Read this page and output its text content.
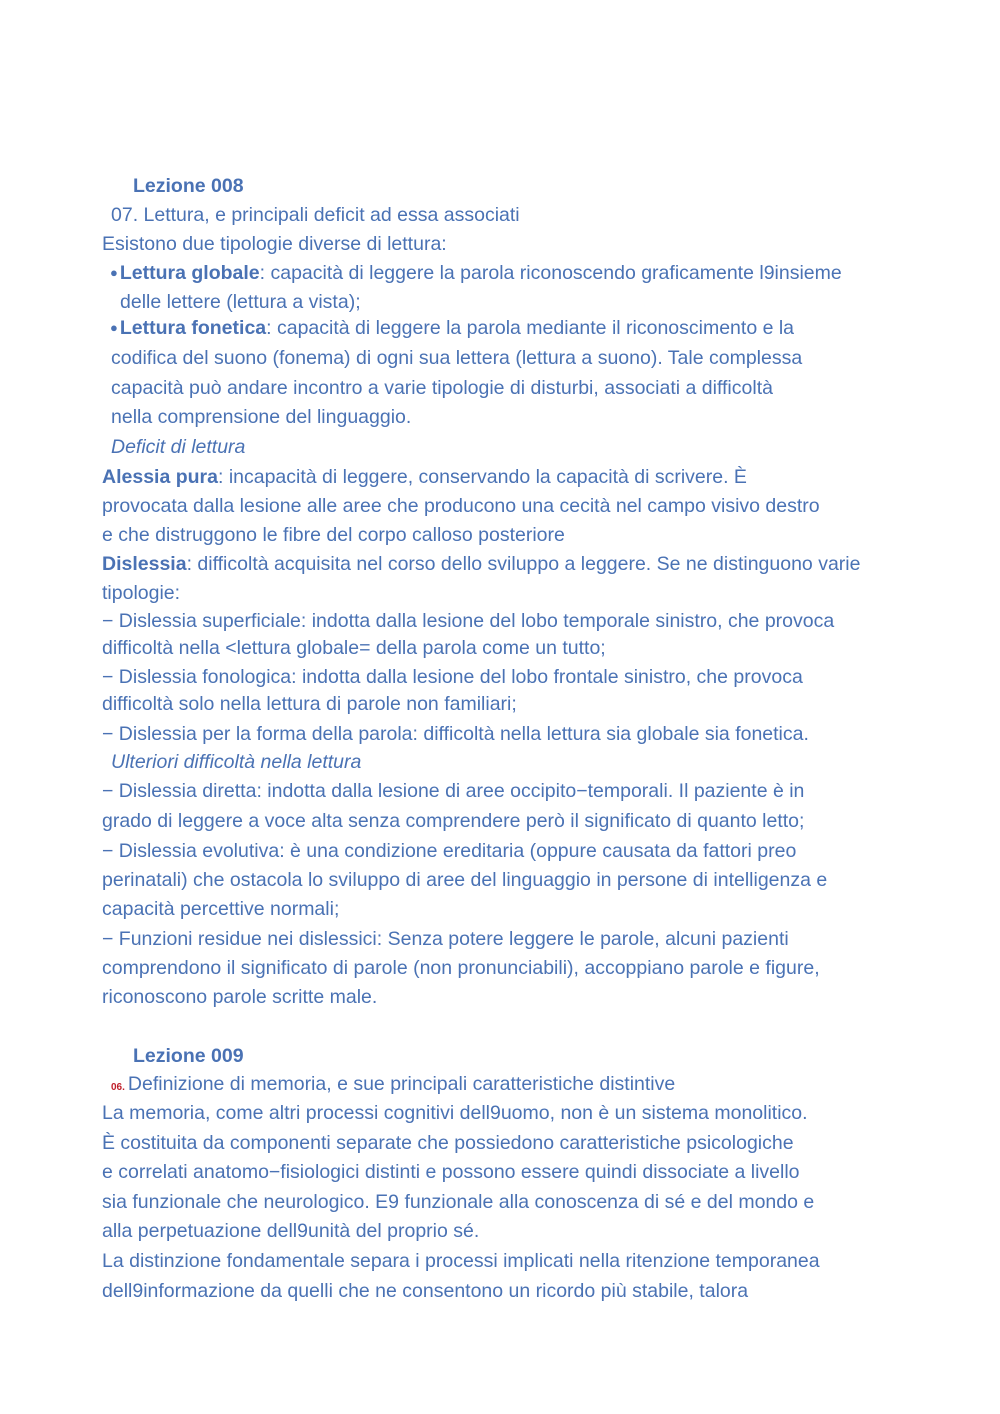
Lezione 008
07. Lettura, e principali deficit ad essa associati
Esistono due tipologie diverse di lettura:
● Lettura globale: capacità di leggere la parola riconoscendo graficamente l9insieme
delle lettere (lettura a vista);
● Lettura fonetica: capacità di leggere la parola mediante il riconoscimento e la
codifica del suono (fonema) di ogni sua lettera (lettura a suono). Tale complessa
capacità può andare incontro a varie tipologie di disturbi, associati a difficoltà
nella comprensione del linguaggio.
Deficit di lettura
Alessia pura: incapacità di leggere, conservando la capacità di scrivere. È
provocata dalla lesione alle aree che producono una cecità nel campo visivo destro
e che distruggono le fibre del corpo calloso posteriore
Dislessia: difficoltà acquisita nel corso dello sviluppo a leggere. Se ne distinguono varie
tipologie:
− Dislessia superficiale: indotta dalla lesione del lobo temporale sinistro, che provoca
difficoltà nella <lettura globale= della parola come un tutto;
− Dislessia fonologica: indotta dalla lesione del lobo frontale sinistro, che provoca
difficoltà solo nella lettura di parole non familiari;
− Dislessia per la forma della parola: difficoltà nella lettura sia globale sia fonetica.
Ulteriori difficoltà nella lettura
− Dislessia diretta: indotta dalla lesione di aree occipito−temporali. Il paziente è in
grado di leggere a voce alta senza comprendere però il significato di quanto letto;
− Dislessia evolutiva: è una condizione ereditaria (oppure causata da fattori preo
perinatali) che ostacola lo sviluppo di aree del linguaggio in persone di intelligenza e
capacità percettive normali;
− Funzioni residue nei dislessici: Senza potere leggere le parole, alcuni pazienti
comprendono il significato di parole (non pronunciabili), accoppiano parole e figure,
riconoscono parole scritte male.
Lezione 009
06. Definizione di memoria, e sue principali caratteristiche distintive
La memoria, come altri processi cognitivi dell9uomo, non è un sistema monolitico.
È costituita da componenti separate che possiedono caratteristiche psicologiche
e correlati anatomo−fisiologici distinti e possono essere quindi dissociate a livello
sia funzionale che neurologico. E9 funzionale alla conoscenza di sé e del mondo e
alla perpetuazione dell9unità del proprio sé.
La distinzione fondamentale separa i processi implicati nella ritenzione temporanea
dell9informazione da quelli che ne consentono un ricordo più stabile, talora
